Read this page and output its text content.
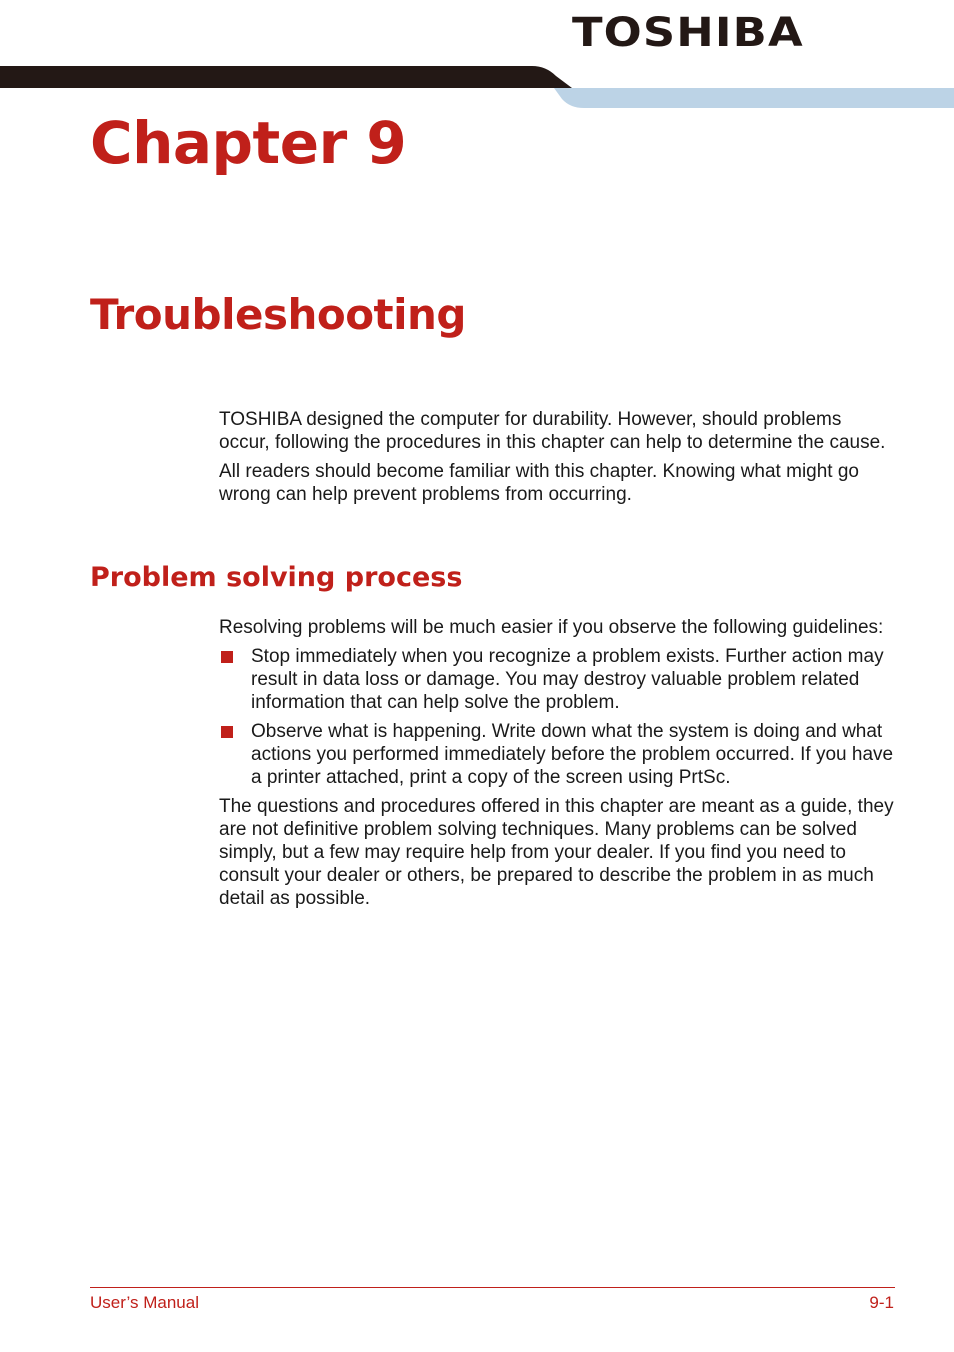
TOSHIBA
Chapter 9
Troubleshooting

TOSHIBA designed the computer for durability. However, should problems occur, following the procedures in this chapter can help to determine the cause.

All readers should become familiar with this chapter. Knowing what might go wrong can help prevent problems from occurring.

Problem solving process

Resolving problems will be much easier if you observe the following guidelines:

Stop immediately when you recognize a problem exists. Further action may result in data loss or damage. You may destroy valuable problem related information that can help solve the problem.
Observe what is happening. Write down what the system is doing and what actions you performed immediately before the problem occurred. If you have a printer attached, print a copy of the screen using PrtSc.

The questions and procedures offered in this chapter are meant as a guide, they are not definitive problem solving techniques. Many problems can be solved simply, but a few may require help from your dealer. If you find you need to consult your dealer or others, be prepared to describe the problem in as much detail as possible.

User’s Manual	9-1
